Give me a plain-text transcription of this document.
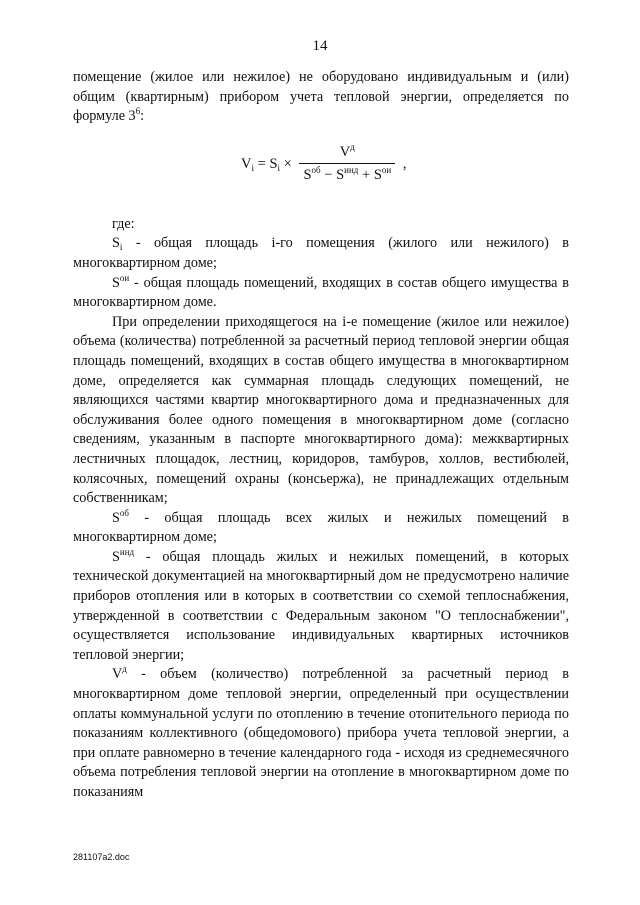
14

помещение (жилое или нежилое) не оборудовано индивидуальным и (или) общим (квартирным) прибором учета тепловой энергии, определяется по формуле $3^6$:

$V_i = S_i \times \frac{V^д}{S^{об} - S^{инд} + S^{ои}}$ ,

где:

$S_i$ - общая площадь i-го помещения (жилого или нежилого) в многоквартирном доме;

$S^{ои}$ - общая площадь помещений, входящих в состав общего имущества в многоквартирном доме.

При определении приходящегося на i-е помещение (жилое или нежилое) объема (количества) потребленной за расчетный период тепловой энергии общая площадь помещений, входящих в состав общего имущества в многоквартирном доме, определяется как суммарная площадь следующих помещений, не являющихся частями квартир многоквартирного дома и предназначенных для обслуживания более одного помещения в многоквартирном доме (согласно сведениям, указанным в паспорте многоквартирного дома): межквартирных лестничных площадок, лестниц, коридоров, тамбуров, холлов, вестибюлей, колясочных, помещений охраны (консьержа), не принадлежащих отдельным собственникам;

$S^{об}$ - общая площадь всех жилых и нежилых помещений в многоквартирном доме;

$S^{инд}$ - общая площадь жилых и нежилых помещений, в которых технической документацией на многоквартирный дом не предусмотрено наличие приборов отопления или в которых в соответствии со схемой теплоснабжения, утвержденной в соответствии с Федеральным законом "О теплоснабжении", осуществляется использование индивидуальных квартирных источников тепловой энергии;

$V^д$ - объем (количество) потребленной за расчетный период в многоквартирном доме тепловой энергии, определенный при осуществлении оплаты коммунальной услуги по отоплению в течение отопительного периода по показаниям коллективного (общедомового) прибора учета тепловой энергии, а при оплате равномерно в течение календарного года - исходя из среднемесячного объема потребления тепловой энергии на отопление в многоквартирном доме по показаниям

281107a2.doc
